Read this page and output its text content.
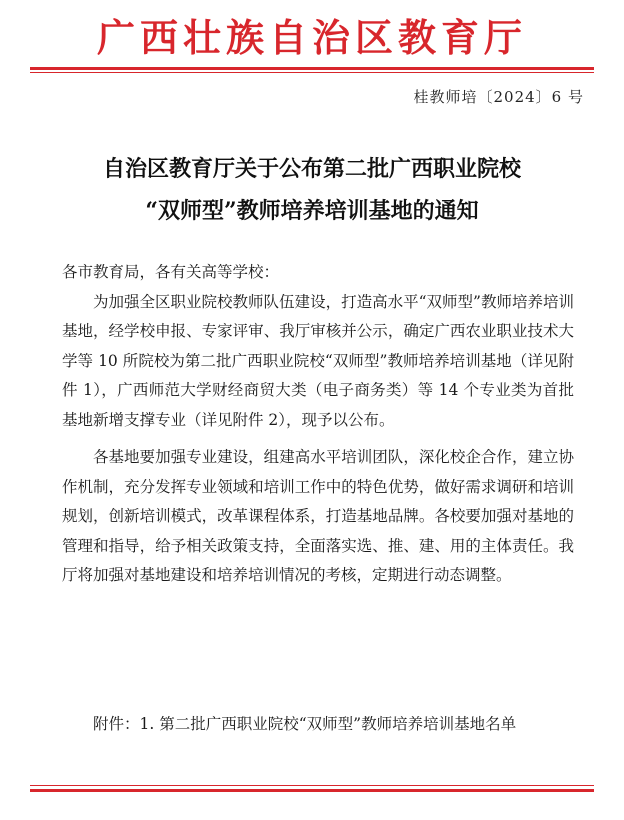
广西壮族自治区教育厅
桂教师培〔2024〕6 号
自治区教育厅关于公布第二批广西职业院校
“双师型”教师培养培训基地的通知

各市教育局，各有关高等学校：

为加强全区职业院校教师队伍建设，打造高水平“双师型”教师培养培训基地，经学校申报、专家评审、我厅审核并公示，确定广西农业职业技术大学等 10 所院校为第二批广西职业院校“双师型”教师培养培训基地（详见附件 1），广西师范大学财经商贸大类（电子商务类）等 14 个专业类为首批基地新增支撑专业（详见附件 2），现予以公布。

各基地要加强专业建设，组建高水平培训团队，深化校企合作，建立协作机制，充分发挥专业领域和培训工作中的特色优势，做好需求调研和培训规划，创新培训模式，改革课程体系，打造基地品牌。各校要加强对基地的管理和指导，给予相关政策支持，全面落实选、推、建、用的主体责任。我厅将加强对基地建设和培养培训情况的考核，定期进行动态调整。

附件：1. 第二批广西职业院校“双师型”教师培养培训基地名单
